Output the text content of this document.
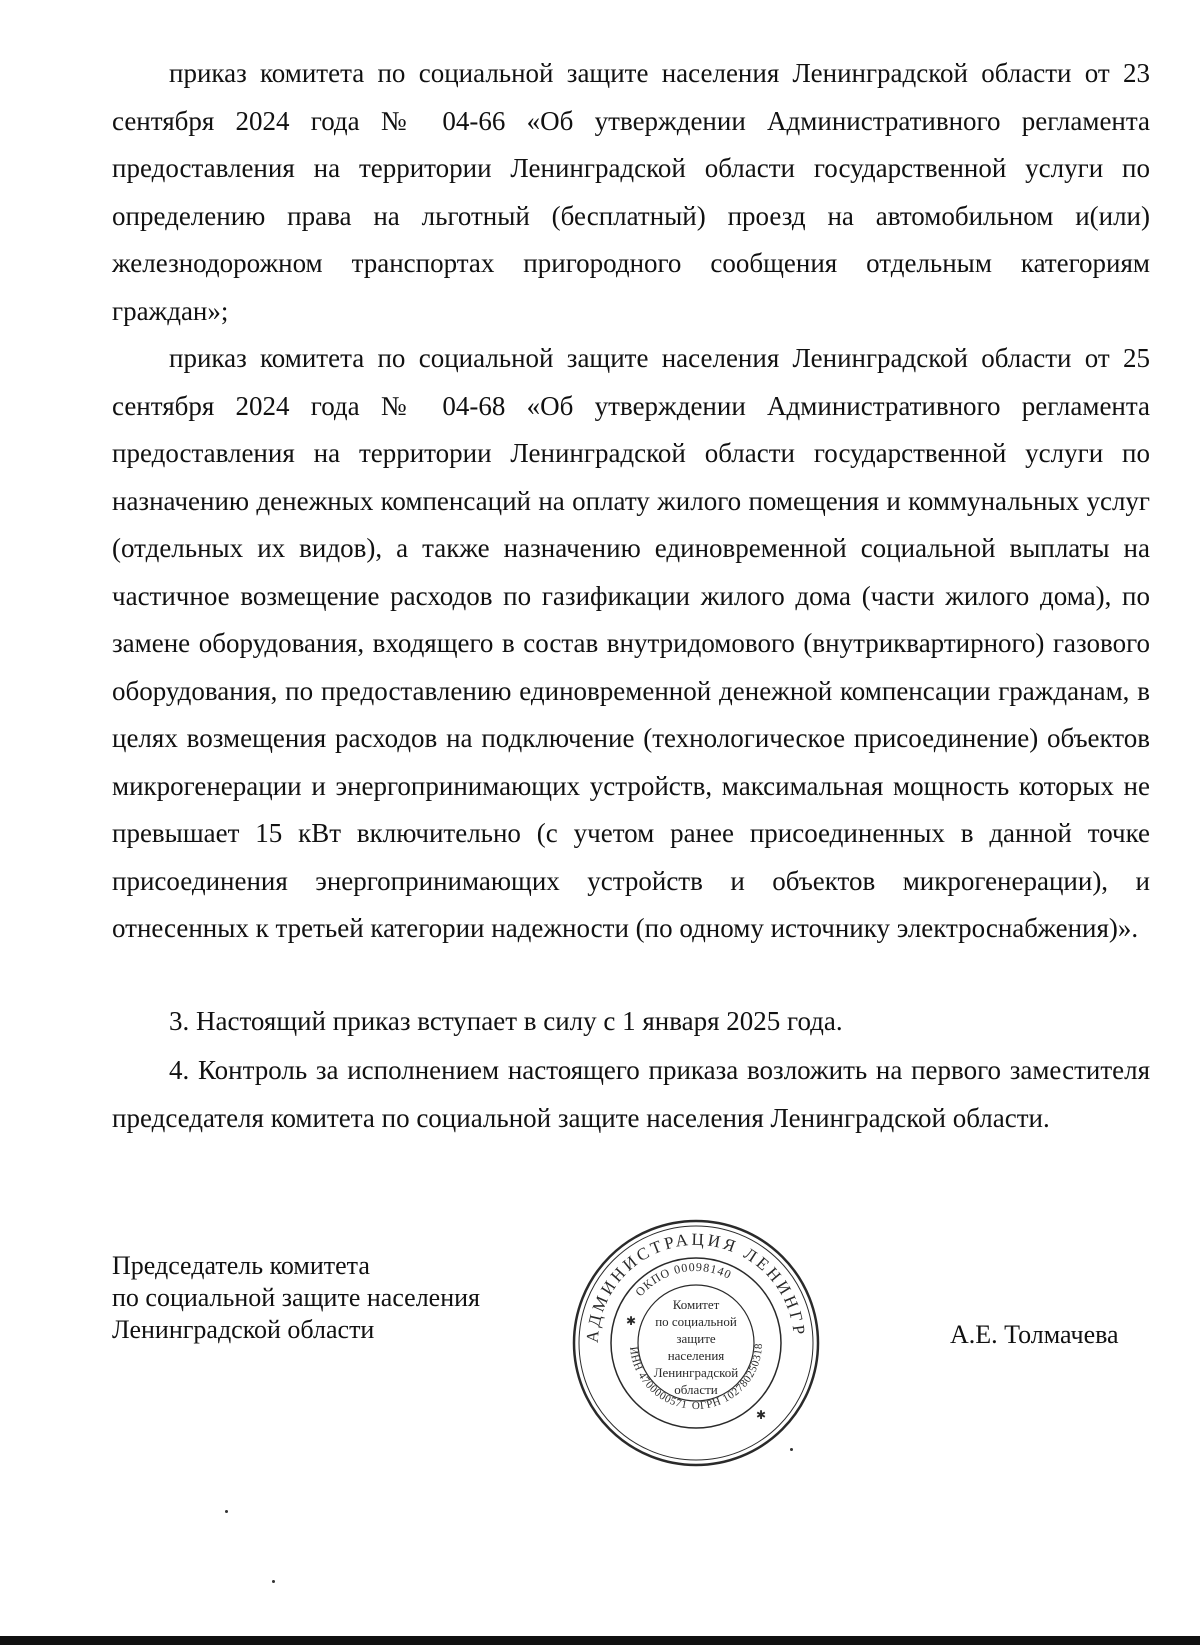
приказ комитета по социальной защите населения Ленинградской области от 23 сентября 2024 года № 04-66 «Об утверждении Административного регламента предоставления на территории Ленинградской области государственной услуги по определению права на льготный (бесплатный) проезд на автомобильном и(или) железнодорожном транспортах пригородного сообщения отдельным категориям граждан»;

приказ комитета по социальной защите населения Ленинградской области от 25 сентября 2024 года № 04-68 «Об утверждении Административного регламента предоставления на территории Ленинградской области государственной услуги по назначению денежных компенсаций на оплату жилого помещения и коммунальных услуг (отдельных их видов), а также назначению единовременной социальной выплаты на частичное возмещение расходов по газификации жилого дома (части жилого дома), по замене оборудования, входящего в состав внутридомового (внутриквартирного) газового оборудования, по предоставлению единовременной денежной компенсации гражданам, в целях возмещения расходов на подключение (технологическое присоединение) объектов микрогенерации и энергопринимающих устройств, максимальная мощность которых не превышает 15 кВт включительно (с учетом ранее присоединенных в данной точке присоединения энергопринимающих устройств и объектов микрогенерации), и отнесенных к третьей категории надежности (по одному источнику электроснабжения)».

3. Настоящий приказ вступает в силу с 1 января 2025 года.

4. Контроль за исполнением настоящего приказа возложить на первого заместителя председателя комитета по социальной защите населения Ленинградской области.

Председатель комитета
по социальной защите населения
Ленинградской области	АДМИНИСТРАЦИЯ ЛЕНИНГР
ОКПО 00098140
ИНН 4700000571 ОГРН 102780250318
Комитет
по социальной
защите
населения
Ленинградской
области
✱
✱
А.Е. Толмачева
